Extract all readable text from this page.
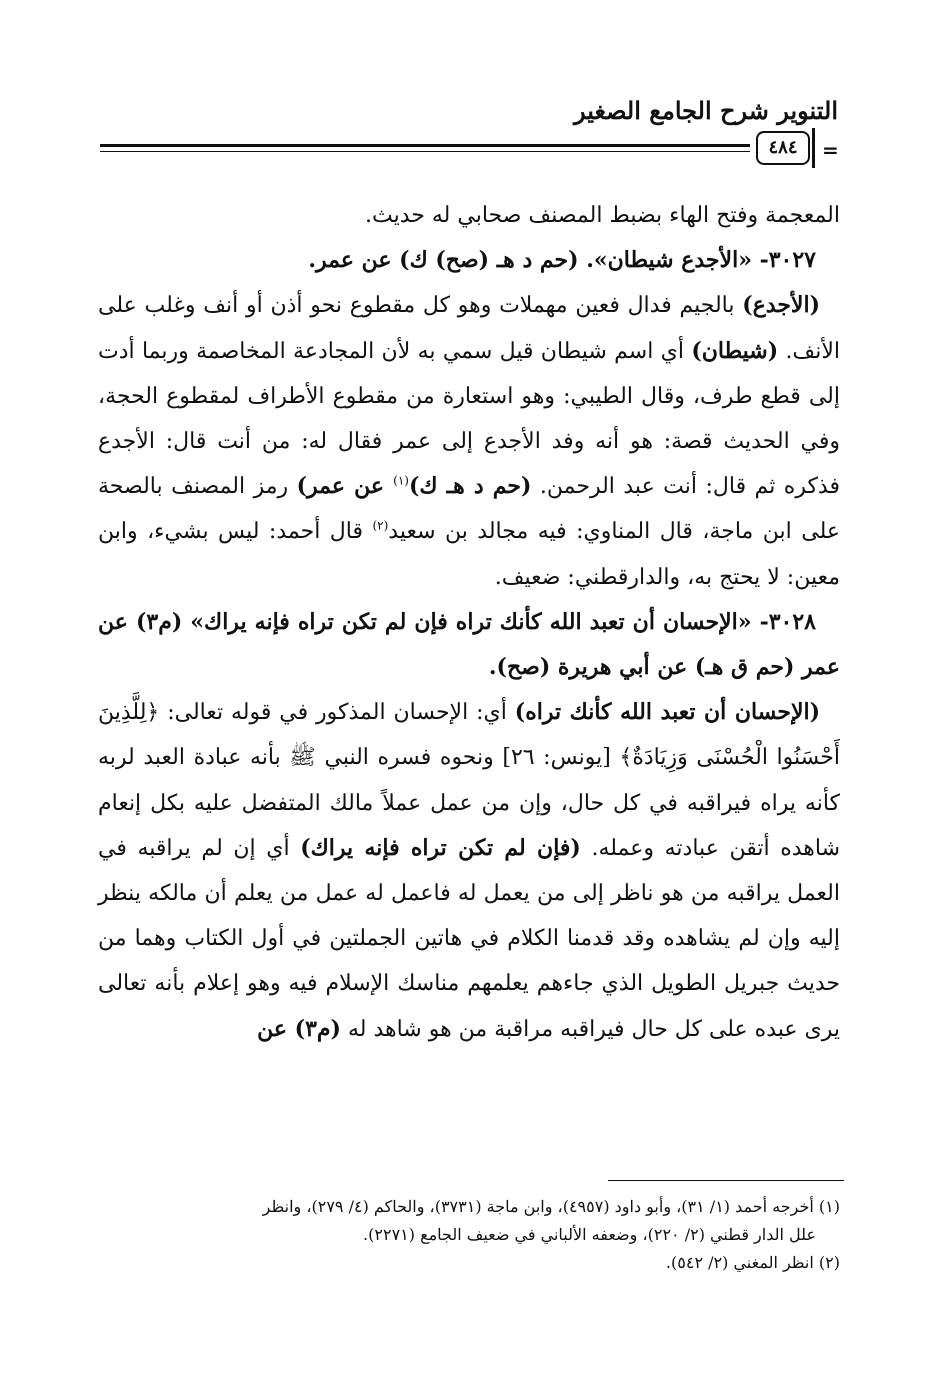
التنوير شرح الجامع الصغير
٤٨٤	=

المعجمة وفتح الهاء بضبط المصنف صحابي له حديث.

٣٠٢٧- «الأجدع شيطان». (حم د هـ (صح) ك) عن عمر.

(الأجدع) بالجيم فدال فعين مهملات وهو كل مقطوع نحو أذن أو أنف وغلب على الأنف. (شيطان) أي اسم شيطان قيل سمي به لأن المجادعة المخاصمة وربما أدت إلى قطع طرف، وقال الطيبي: وهو استعارة من مقطوع الأطراف لمقطوع الحجة، وفي الحديث قصة: هو أنه وفد الأجدع إلى عمر فقال له: من أنت قال: الأجدع فذكره ثم قال: أنت عبد الرحمن. (حم د هـ ك)$^{(١)}$ عن عمر) رمز المصنف بالصحة على ابن ماجة، قال المناوي: فيه مجالد بن سعيد$^{(٢)}$ قال أحمد: ليس بشيء، وابن معين: لا يحتج به، والدارقطني: ضعيف.

٣٠٢٨- «الإحسان أن تعبد الله كأنك تراه فإن لم تكن تراه فإنه يراك» (م٣) عن عمر (حم ق هـ) عن أبي هريرة (صح).

(الإحسان أن تعبد الله كأنك تراه) أي: الإحسان المذكور في قوله تعالى: ﴿لِلَّذِينَ أَحْسَنُوا الْحُسْنَى وَزِيَادَةٌ﴾ [يونس: ٢٦] ونحوه فسره النبي ﷺ بأنه عبادة العبد لربه كأنه يراه فيراقبه في كل حال، وإن من عمل عملاً مالك المتفضل عليه بكل إنعام شاهده أتقن عبادته وعمله. (فإن لم تكن تراه فإنه يراك) أي إن لم يراقبه في العمل يراقبه من هو ناظر إلى من يعمل له فاعمل له عمل من يعلم أن مالكه ينظر إليه وإن لم يشاهده وقد قدمنا الكلام في هاتين الجملتين في أول الكتاب وهما من حديث جبريل الطويل الذي جاءهم يعلمهم مناسك الإسلام فيه وهو إعلام بأنه تعالى يرى عبده على كل حال فيراقبه مراقبة من هو شاهد له (م٣) عن

(١) أخرجه أحمد (١/ ٣١)، وأبو داود (٤٩٥٧)، وابن ماجة (٣٧٣١)، والحاكم (٤/ ٢٧٩)، وانظر

علل الدار قطني (٢/ ٢٢٠)، وضعفه الألباني في ضعيف الجامع (٢٢٧١).

(٢) انظر المغني (٢/ ٥٤٢).
